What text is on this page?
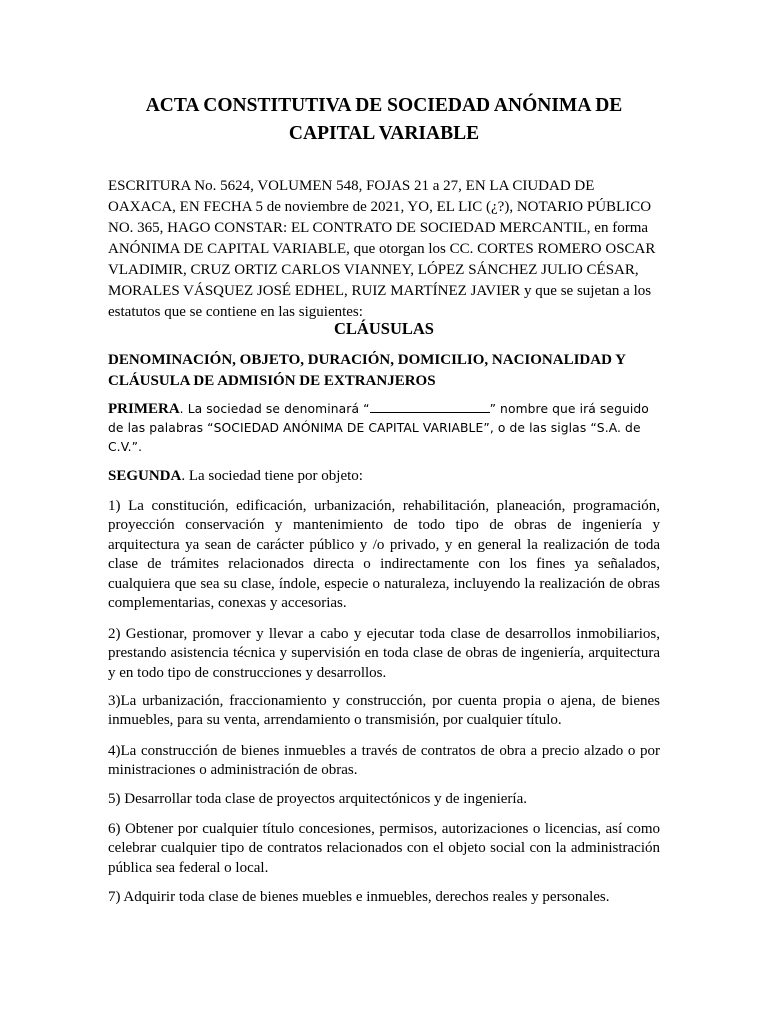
ACTA CONSTITUTIVA DE SOCIEDAD ANÓNIMA DE CAPITAL VARIABLE

ESCRITURA No. 5624, VOLUMEN 548, FOJAS 21 a 27, EN LA CIUDAD DE OAXACA, EN FECHA 5 de noviembre de 2021, YO, EL LIC (¿?), NOTARIO PÚBLICO NO. 365, HAGO CONSTAR: EL CONTRATO DE SOCIEDAD MERCANTIL, en forma ANÓNIMA DE CAPITAL VARIABLE, que otorgan los CC. CORTES ROMERO OSCAR VLADIMIR, CRUZ ORTIZ CARLOS VIANNEY, LÓPEZ SÁNCHEZ JULIO CÉSAR, MORALES VÁSQUEZ JOSÉ EDHEL, RUIZ MARTÍNEZ JAVIER y que se sujetan a los estatutos que se contiene en las siguientes:

CLÁUSULAS
DENOMINACIÓN, OBJETO, DURACIÓN, DOMICILIO, NACIONALIDAD Y CLÁUSULA DE ADMISIÓN DE EXTRANJEROS

PRIMERA. La sociedad se denominará “	” nombre que irá seguido de las palabras “SOCIEDAD ANÓNIMA DE CAPITAL VARIABLE”, o de las siglas “S.A. de C.V.”.

SEGUNDA. La sociedad tiene por objeto:

1) La constitución, edificación, urbanización, rehabilitación, planeación, programación, proyección conservación y mantenimiento de todo tipo de obras de ingeniería y arquitectura ya sean de carácter público y /o privado, y en general la realización de toda clase de trámites relacionados directa o indirectamente con los fines ya señalados, cualquiera que sea su clase, índole, especie o naturaleza, incluyendo la realización de obras complementarias, conexas y accesorias.

2) Gestionar, promover y llevar a cabo y ejecutar toda clase de desarrollos inmobiliarios, prestando asistencia técnica y supervisión en toda clase de obras de ingeniería, arquitectura y en todo tipo de construcciones y desarrollos.

3)La urbanización, fraccionamiento y construcción, por cuenta propia o ajena, de bienes inmuebles, para su venta, arrendamiento o transmisión, por cualquier título.

4)La construcción de bienes inmuebles a través de contratos de obra a precio alzado o por ministraciones o administración de obras.

5) Desarrollar toda clase de proyectos arquitectónicos y de ingeniería.

6) Obtener por cualquier título concesiones, permisos, autorizaciones o licencias, así como celebrar cualquier tipo de contratos relacionados con el objeto social con la administración pública sea federal o local.

7) Adquirir toda clase de bienes muebles e inmuebles, derechos reales y personales.
